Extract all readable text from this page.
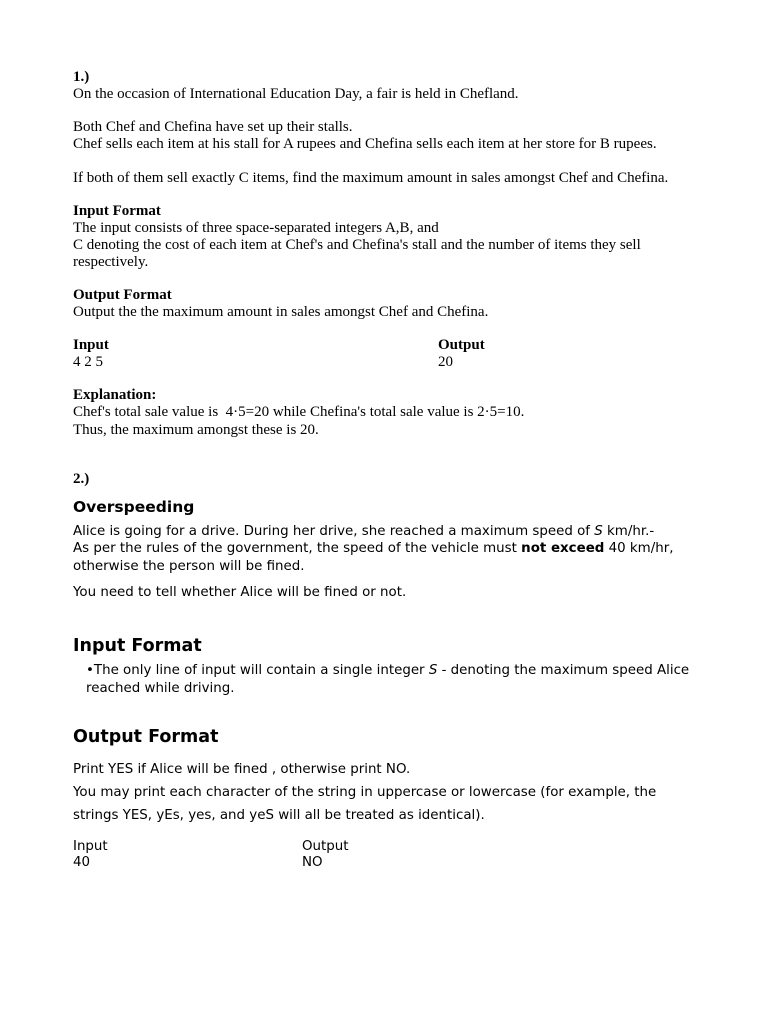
1.)
On the occasion of International Education Day, a fair is held in Chefland.
Both Chef and Chefina have set up their stalls.
Chef sells each item at his stall for A rupees and Chefina sells each item at her store for B rupees.
If both of them sell exactly C items, find the maximum amount in sales amongst Chef and Chefina.
Input Format
The input consists of three space-separated integers A,B, and
C denoting the cost of each item at Chef's and Chefina's stall and the number of items they sell
respectively.
Output Format
Output the the maximum amount in sales amongst Chef and Chefina.
Input
4 2 5
Output
20
Explanation:
Chef's total sale value is  4·5=20 while Chefina's total sale value is 2·5=10.
Thus, the maximum amongst these is 20.
2.)
Overspeeding
Alice is going for a drive. During her drive, she reached a maximum speed of S km/hr.-
As per the rules of the government, the speed of the vehicle must not exceed 40 km/hr,
otherwise the person will be fined.
You need to tell whether Alice will be fined or not.
Input Format
•The only line of input will contain a single integer S - denoting the maximum speed Alice
reached while driving.
Output Format
Print YES if Alice will be fined , otherwise print NO.
You may print each character of the string in uppercase or lowercase (for example, the
strings YES, yEs, yes, and yeS will all be treated as identical).
Input
40
Output
NO
